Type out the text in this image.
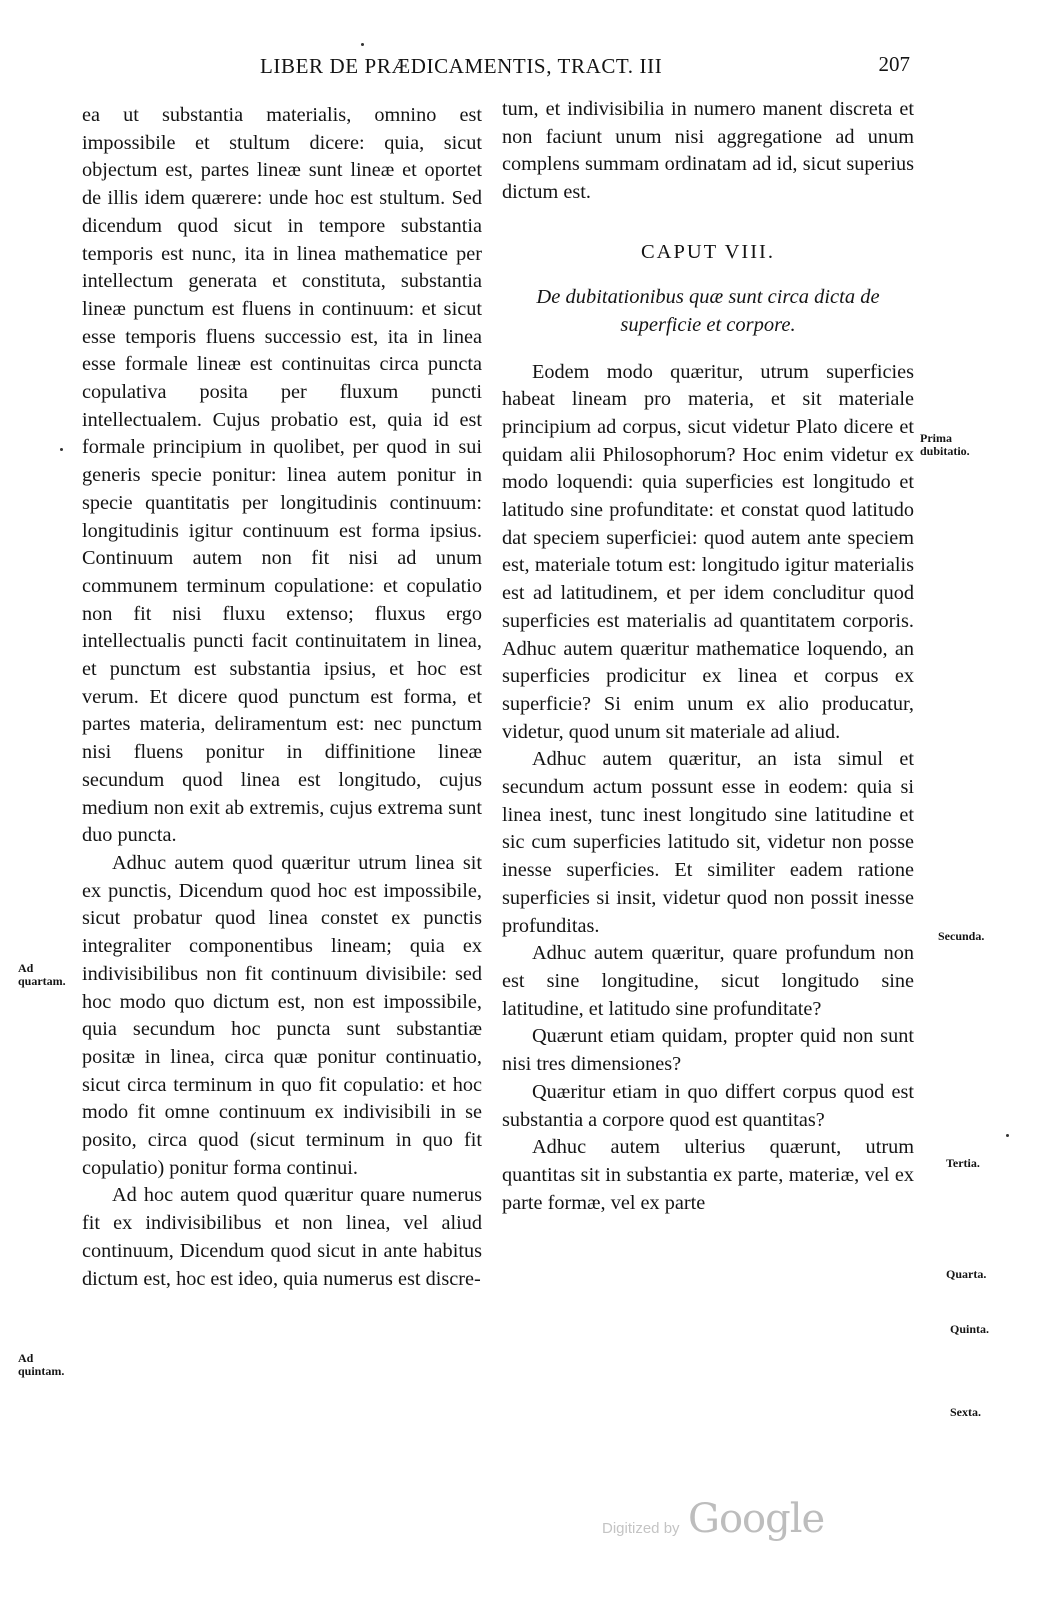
LIBER DE PRÆDICAMENTIS, TRACT. III	207

ea ut substantia materialis, omnino est impossibile et stultum dicere: quia, sicut objectum est, partes lineæ sunt lineæ et oportet de illis idem quærere: unde hoc est stultum. Sed dicendum quod sicut in tempore substantia temporis est nunc, ita in linea mathematice per intellectum generata et constituta, substantia lineæ punctum est fluens in continuum: et sicut esse temporis fluens successio est, ita in linea esse formale lineæ est continuitas circa puncta copulativa posita per fluxum puncti intellectualem. Cujus probatio est, quia id est formale principium in quolibet, per quod in sui generis specie ponitur: linea autem ponitur in specie quantitatis per longitudinis continuum: longitudinis igitur continuum est forma ipsius. Continuum autem non fit nisi ad unum communem terminum copulatione: et copulatio non fit nisi fluxu extenso; fluxus ergo intellectualis puncti facit continuitatem in linea, et punctum est substantia ipsius, et hoc est verum. Et dicere quod punctum est forma, et partes materia, deliramentum est: nec punctum nisi fluens ponitur in diffinitione lineæ secundum quod linea est longitudo, cujus medium non exit ab extremis, cujus extrema sunt duo puncta.

Adhuc autem quod quæritur utrum linea sit ex punctis, Dicendum quod hoc est impossibile, sicut probatur quod linea constet ex punctis integraliter componentibus lineam; quia ex indivisibilibus non fit continuum divisibile: sed hoc modo quo dictum est, non est impossibile, quia secundum hoc puncta sunt substantiæ positæ in linea, circa quæ ponitur continuatio, sicut circa terminum in quo fit copulatio: et hoc modo fit omne continuum ex indivisibili in se posito, circa quod (sicut terminum in quo fit copulatio) ponitur forma continui.

Ad hoc autem quod quæritur quare numerus fit ex indivisibilibus et non linea, vel aliud continuum, Dicendum quod sicut in ante habitus dictum est, hoc est ideo, quia numerus est discre-

tum, et indivisibilia in numero manent discreta et non faciunt unum nisi aggregatione ad unum complens summam ordinatam ad id, sicut superius dictum est.

CAPUT VIII.
De dubitationibus quæ sunt circa dicta de superficie et corpore.

Eodem modo quæritur, utrum superficies habeat lineam pro materia, et sit materiale principium ad corpus, sicut videtur Plato dicere et quidam alii Philosophorum? Hoc enim videtur ex modo loquendi: quia superficies est longitudo et latitudo sine profunditate: et constat quod latitudo dat speciem superficiei: quod autem ante speciem est, materiale totum est: longitudo igitur materialis est ad latitudinem, et per idem concluditur quod superficies est materialis ad quantitatem corporis. Adhuc autem quæritur mathematice loquendo, an superficies prodicitur ex linea et corpus ex superficie? Si enim unum ex alio producatur, videtur, quod unum sit materiale ad aliud.

Adhuc autem quæritur, an ista simul et secundum actum possunt esse in eodem: quia si linea inest, tunc inest longitudo sine latitudine et sic cum superficies latitudo sit, videtur non posse inesse superficies. Et similiter eadem ratione superficies si insit, videtur quod non possit inesse profunditas.

Adhuc autem quæritur, quare profundum non est sine longitudine, sicut longitudo sine latitudine, et latitudo sine profunditate?

Quærunt etiam quidam, propter quid non sunt nisi tres dimensiones?

Quæritur etiam in quo differt corpus quod est substantia a corpore quod est quantitas?

Adhuc autem ulterius quærunt, utrum quantitas sit in substantia ex parte, materiæ, vel ex parte formæ, vel ex parte

Ad quartam.
Ad quintam.
Prima dubitatio.
Secunda.
Tertia.
Quarta.
Quinta.
Sexta.
Digitized by Google
